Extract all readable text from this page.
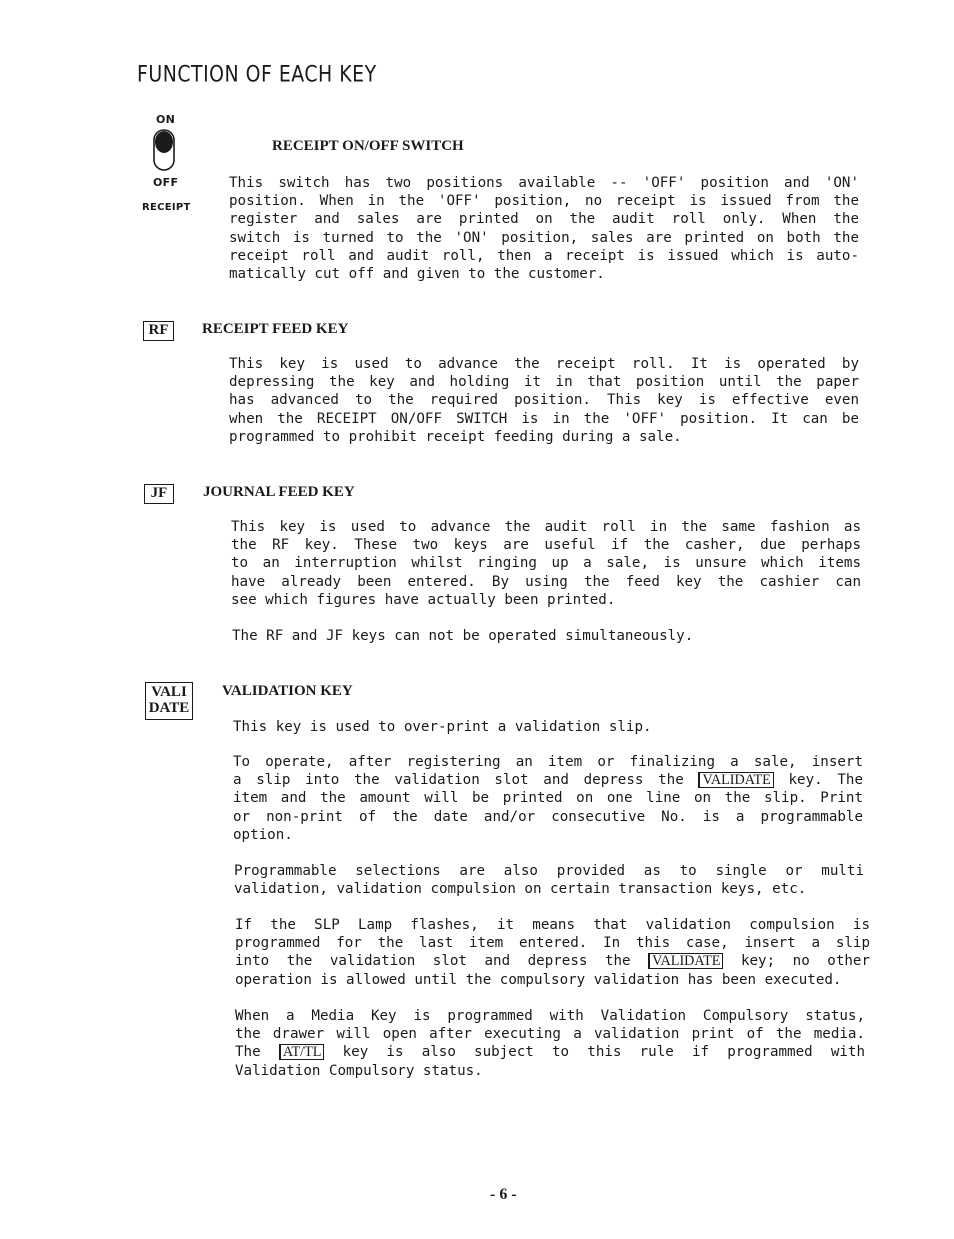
FUNCTION OF EACH KEY
ON
OFF
RECEIPT
RECEIPT ON/OFF SWITCH
This switch has two positions available -- 'OFF' position and 'ON'
position. When in the 'OFF' position, no receipt is issued from the
register and sales are printed on the audit roll only. When the
switch is turned to the 'ON' position, sales are printed on both the
receipt roll and audit roll, then a receipt is issued which is auto-
matically cut off and given to the customer.
RF	RECEIPT FEED KEY
This key is used to advance the receipt roll. It is operated by
depressing the key and holding it in that position until the paper
has advanced to the required position. This key is effective even
when the RECEIPT ON/OFF SWITCH is in the 'OFF' position. It can be
programmed to prohibit receipt feeding during a sale.
JF	JOURNAL FEED KEY
This key is used to advance the audit roll in the same fashion as
the RF key. These two keys are useful if the casher, due perhaps
to an interruption whilst ringing up a sale, is unsure which items
have already been entered. By using the feed key the cashier can
see which figures have actually been printed.
The RF and JF keys can not be operated simultaneously.
VALI
DATE
VALIDATION KEY
This key is used to over-print a validation slip.
To operate, after registering an item or finalizing a sale, insert
a slip into the validation slot and depress the VALIDATE key. The
item and the amount will be printed on one line on the slip. Print
or non-print of the date and/or consecutive No. is a programmable
option.
Programmable selections are also provided as to single or multi
validation, validation compulsion on certain transaction keys, etc.
If the SLP Lamp flashes, it means that validation compulsion is
programmed for the last item entered. In this case, insert a slip
into the validation slot and depress the VALIDATE key; no other
operation is allowed until the compulsory validation has been executed.
When a Media Key is programmed with Validation Compulsory status,
the drawer will open after executing a validation print of the media.
The AT/TL key is also subject to this rule if programmed with
Validation Compulsory status.
- 6 -
